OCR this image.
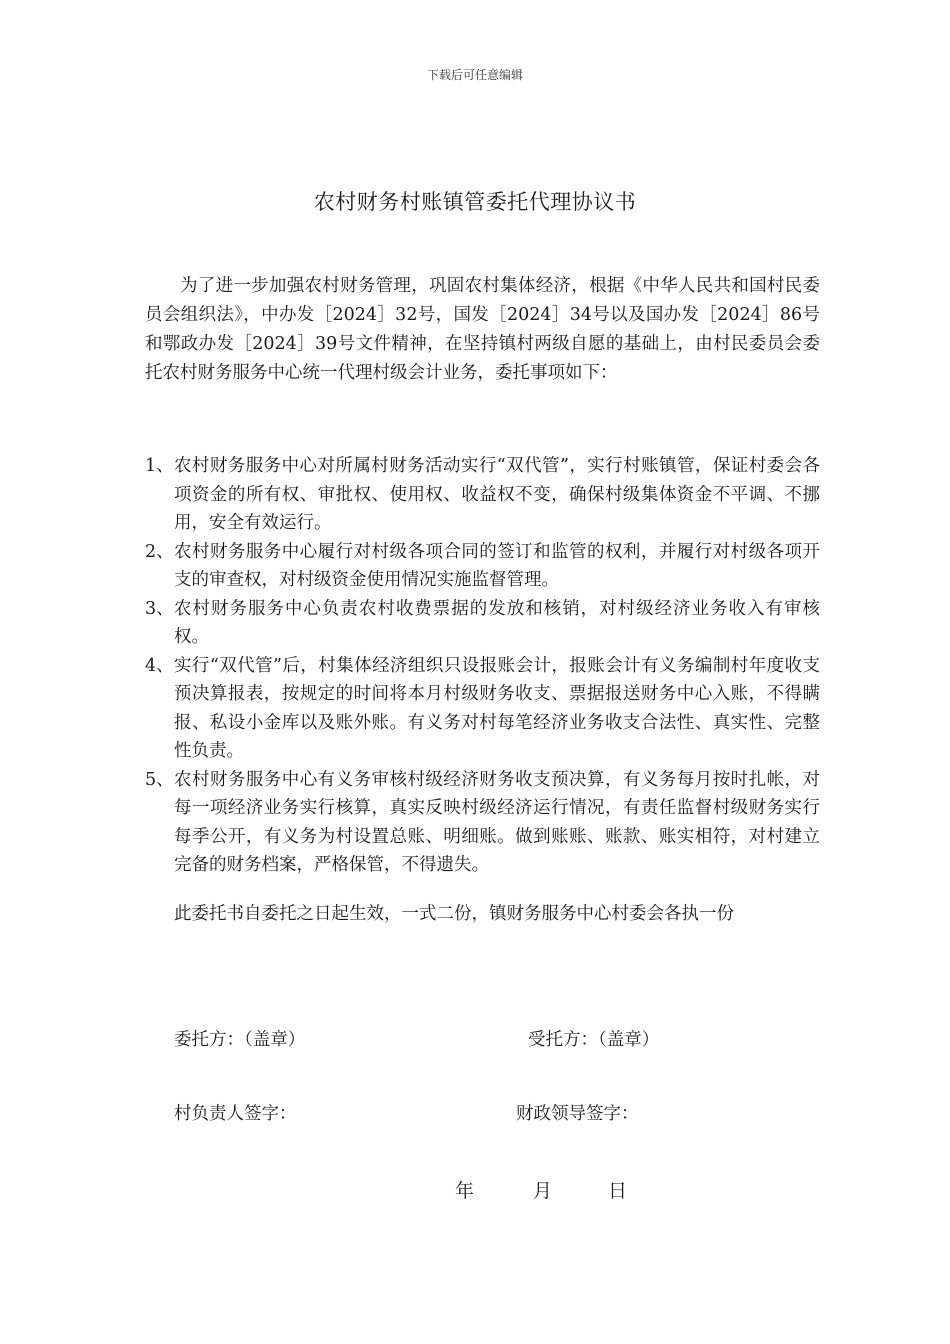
下载后可任意编辑
农村财务村账镇管委托代理协议书

为了进一步加强农村财务管理，巩固农村集体经济，根据《中华人民共和国村民委员会组织法》，中办发［2024］32号，国发［2024］34号以及国办发［2024］86号和鄂政办发［2024］39号文件精神，在坚持镇村两级自愿的基础上，由村民委员会委托农村财务服务中心统一代理村级会计业务，委托事项如下：

1、 农村财务服务中心对所属村财务活动实行“双代管”，实行村账镇管，保证村委会各项资金的所有权、审批权、使用权、收益权不变，确保村级集体资金不平调、不挪用，安全有效运行。
2、 农村财务服务中心履行对村级各项合同的签订和监管的权利，并履行对村级各项开支的审查权，对村级资金使用情况实施监督管理。
3、 农村财务服务中心负责农村收费票据的发放和核销，对村级经济业务收入有审核权。
4、 实行“双代管”后，村集体经济组织只设报账会计，报账会计有义务编制村年度收支预决算报表，按规定的时间将本月村级财务收支、票据报送财务中心入账，不得瞒报、私设小金库以及账外账。有义务对村每笔经济业务收支合法性、真实性、完整性负责。
5、 农村财务服务中心有义务审核村级经济财务收支预决算，有义务每月按时扎帐，对每一项经济业务实行核算，真实反映村级经济运行情况，有责任监督村级财务实行每季公开，有义务为村设置总账、明细账。做到账账、账款、账实相符，对村建立完备的财务档案，严格保管，不得遗失。

此委托书自委托之日起生效，一式二份，镇财务服务中心村委会各执一份

委托方：（盖章）	受托方：（盖章）
村负责人签字：	财政领导签字：
年	月	日
